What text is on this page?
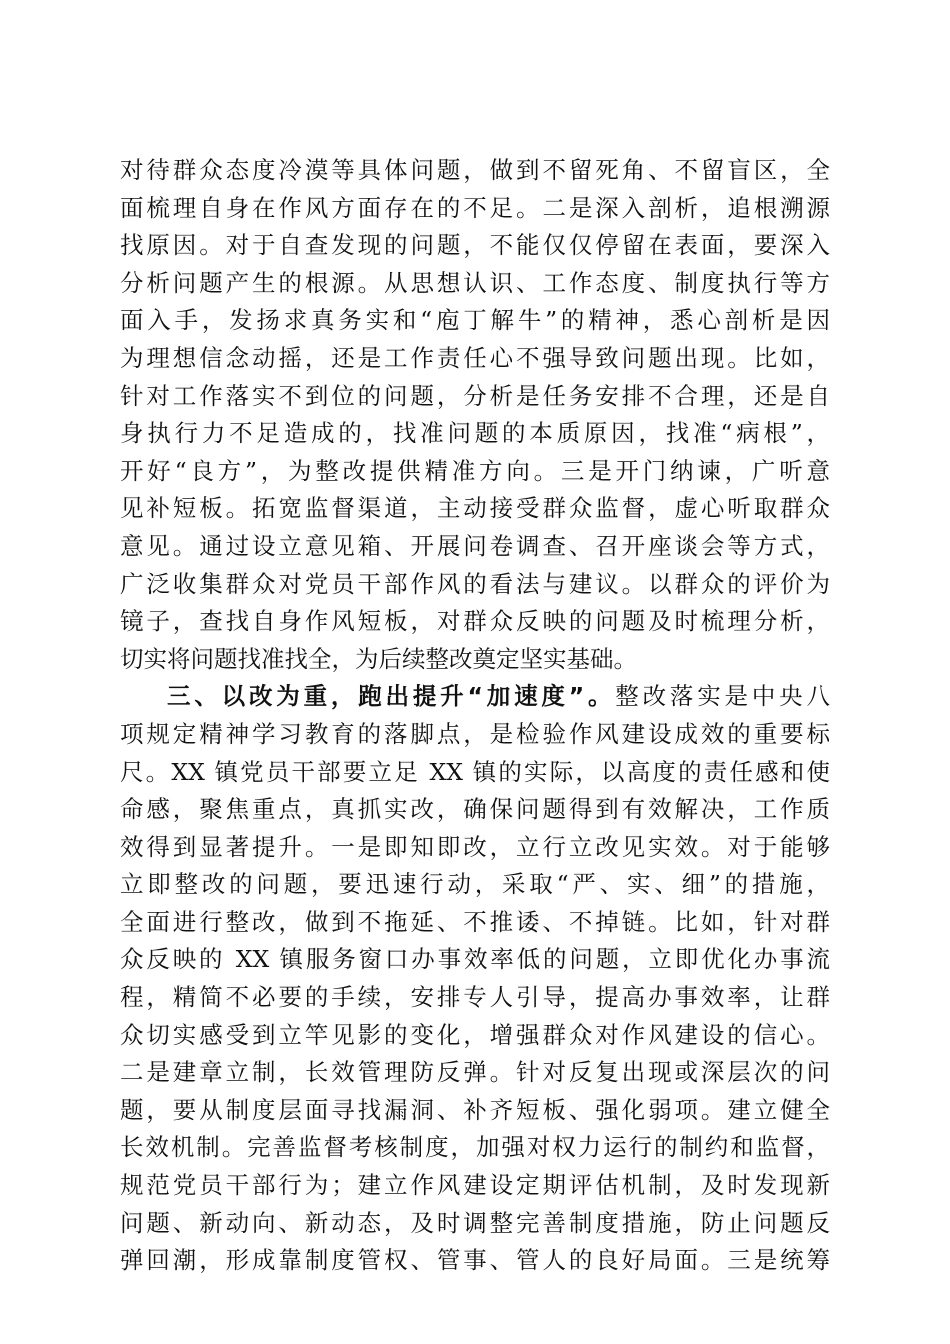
对待群众态度冷漠等具体问题，做到不留死角、不留盲区，全
面梳理自身在作风方面存在的不足。二是深入剖析，追根溯源
找原因。对于自查发现的问题，不能仅仅停留在表面，要深入
分析问题产生的根源。从思想认识、工作态度、制度执行等方
面入手，发扬求真务实和“庖丁解牛”的精神，悉心剖析是因
为理想信念动摇，还是工作责任心不强导致问题出现。比如，
针对工作落实不到位的问题，分析是任务安排不合理，还是自
身执行力不足造成的，找准问题的本质原因，找准“病根”，
开好“良方”，为整改提供精准方向。三是开门纳谏，广听意
见补短板。拓宽监督渠道，主动接受群众监督，虚心听取群众
意见。通过设立意见箱、开展问卷调查、召开座谈会等方式，
广泛收集群众对党员干部作风的看法与建议。以群众的评价为
镜子，查找自身作风短板，对群众反映的问题及时梳理分析，
切实将问题找准找全，为后续整改奠定坚实基础。
三、以改为重，跑出提升“加速度”。整改落实是中央八
项规定精神学习教育的落脚点，是检验作风建设成效的重要标
尺。XX 镇党员干部要立足 XX 镇的实际，以高度的责任感和使
命感，聚焦重点，真抓实改，确保问题得到有效解决，工作质
效得到显著提升。一是即知即改，立行立改见实效。对于能够
立即整改的问题，要迅速行动，采取“严、实、细”的措施，
全面进行整改，做到不拖延、不推诿、不掉链。比如，针对群
众反映的 XX 镇服务窗口办事效率低的问题，立即优化办事流
程，精简不必要的手续，安排专人引导，提高办事效率，让群
众切实感受到立竿见影的变化，增强群众对作风建设的信心。
二是建章立制，长效管理防反弹。针对反复出现或深层次的问
题，要从制度层面寻找漏洞、补齐短板、强化弱项。建立健全
长效机制。完善监督考核制度，加强对权力运行的制约和监督，
规范党员干部行为；建立作风建设定期评估机制，及时发现新
问题、新动向、新动态，及时调整完善制度措施，防止问题反
弹回潮，形成靠制度管权、管事、管人的良好局面。三是统筹
